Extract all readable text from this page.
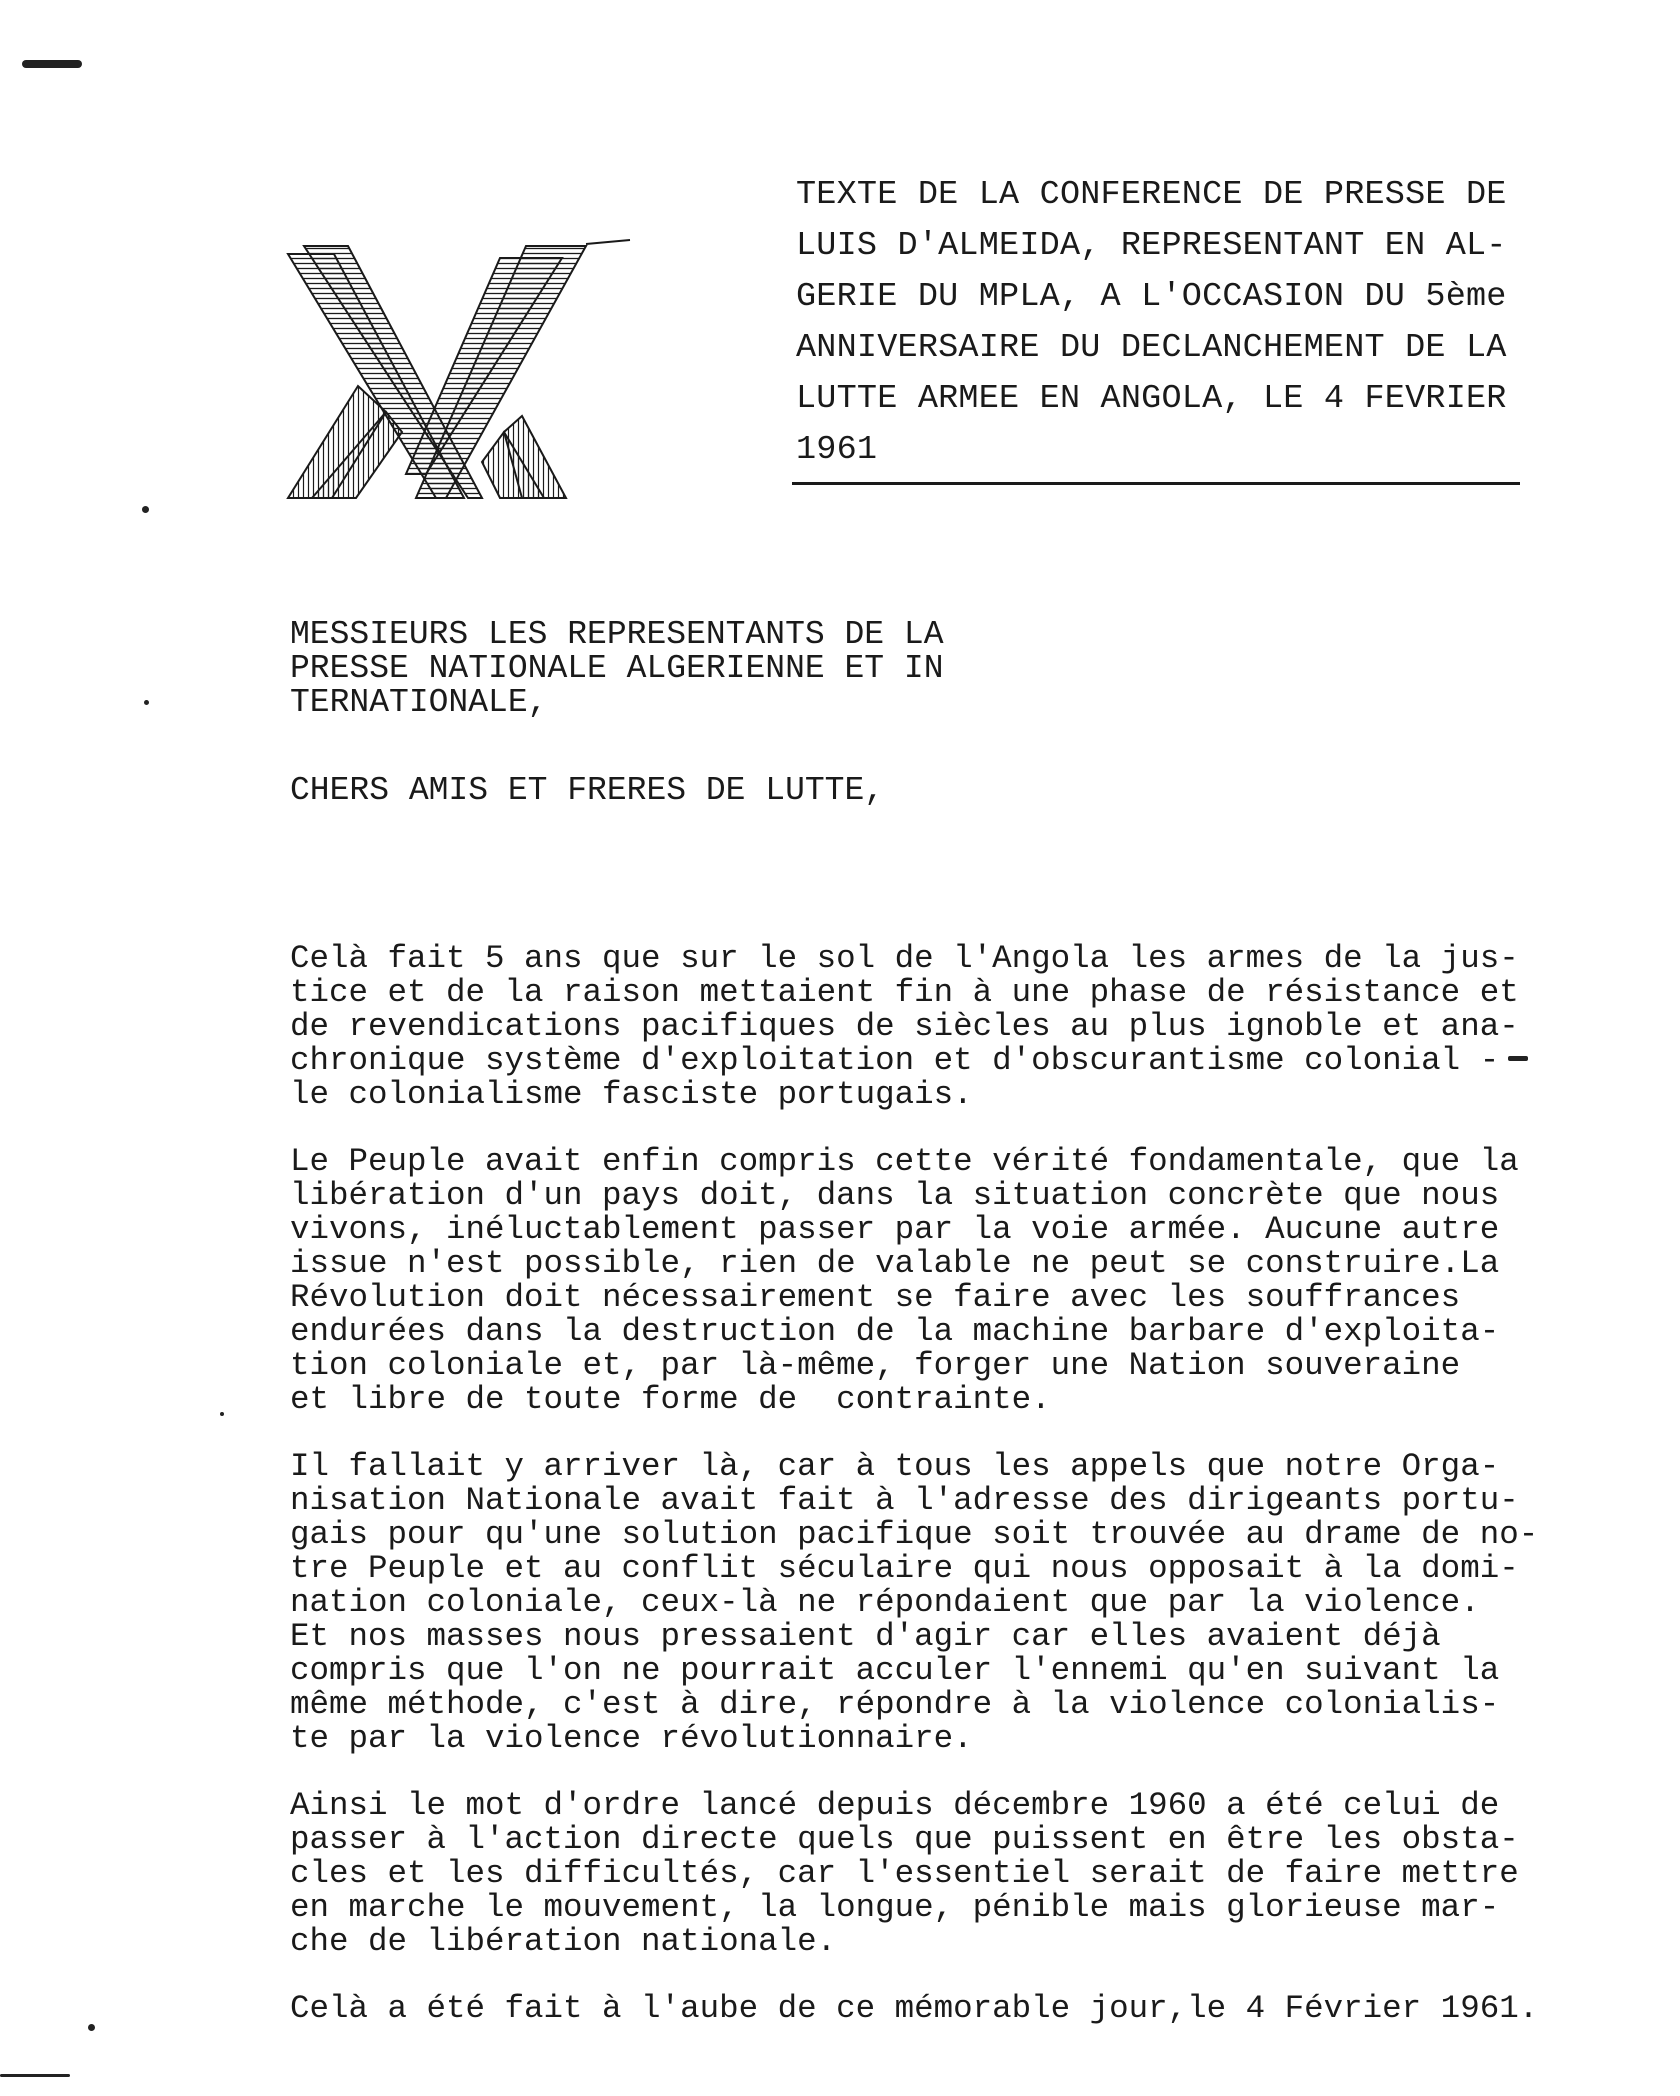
TEXTE DE LA CONFERENCE DE PRESSE DE
LUIS D'ALMEIDA, REPRESENTANT EN AL-
GERIE DU MPLA, A L'OCCASION DU 5ème
ANNIVERSAIRE DU DECLANCHEMENT DE LA
LUTTE ARMEE EN ANGOLA, LE 4 FEVRIER
1961
MESSIEURS LES REPRESENTANTS DE LA
PRESSE NATIONALE ALGERIENNE ET IN
TERNATIONALE,
CHERS AMIS ET FRERES DE LUTTE,

Celà fait 5 ans que sur le sol de l'Angola les armes de la jus-
tice et de la raison mettaient fin à une phase de résistance et
de revendications pacifiques de siècles au plus ignoble et ana-
chronique système d'exploitation et d'obscurantisme colonial -
le colonialisme fasciste portugais.

Le Peuple avait enfin compris cette vérité fondamentale, que la
libération d'un pays doit, dans la situation concrète que nous
vivons, inéluctablement passer par la voie armée. Aucune autre
issue n'est possible, rien de valable ne peut se construire.La
Révolution doit nécessairement se faire avec les souffrances
endurées dans la destruction de la machine barbare d'exploita-
tion coloniale et, par là-même, forger une Nation souveraine
et libre de toute forme de  contrainte.

Il fallait y arriver là, car à tous les appels que notre Orga-
nisation Nationale avait fait à l'adresse des dirigeants portu-
gais pour qu'une solution pacifique soit trouvée au drame de no-
tre Peuple et au conflit séculaire qui nous opposait à la domi-
nation coloniale, ceux-là ne répondaient que par la violence.
Et nos masses nous pressaient d'agir car elles avaient déjà
compris que l'on ne pourrait acculer l'ennemi qu'en suivant la
même méthode, c'est à dire, répondre à la violence colonialis-
te par la violence révolutionnaire.

Ainsi le mot d'ordre lancé depuis décembre 1960 a été celui de
passer à l'action directe quels que puissent en être les obsta-
cles et les difficultés, car l'essentiel serait de faire mettre
en marche le mouvement, la longue, pénible mais glorieuse mar-
che de libération nationale.

Celà a été fait à l'aube de ce mémorable jour,le 4 Février 1961.
